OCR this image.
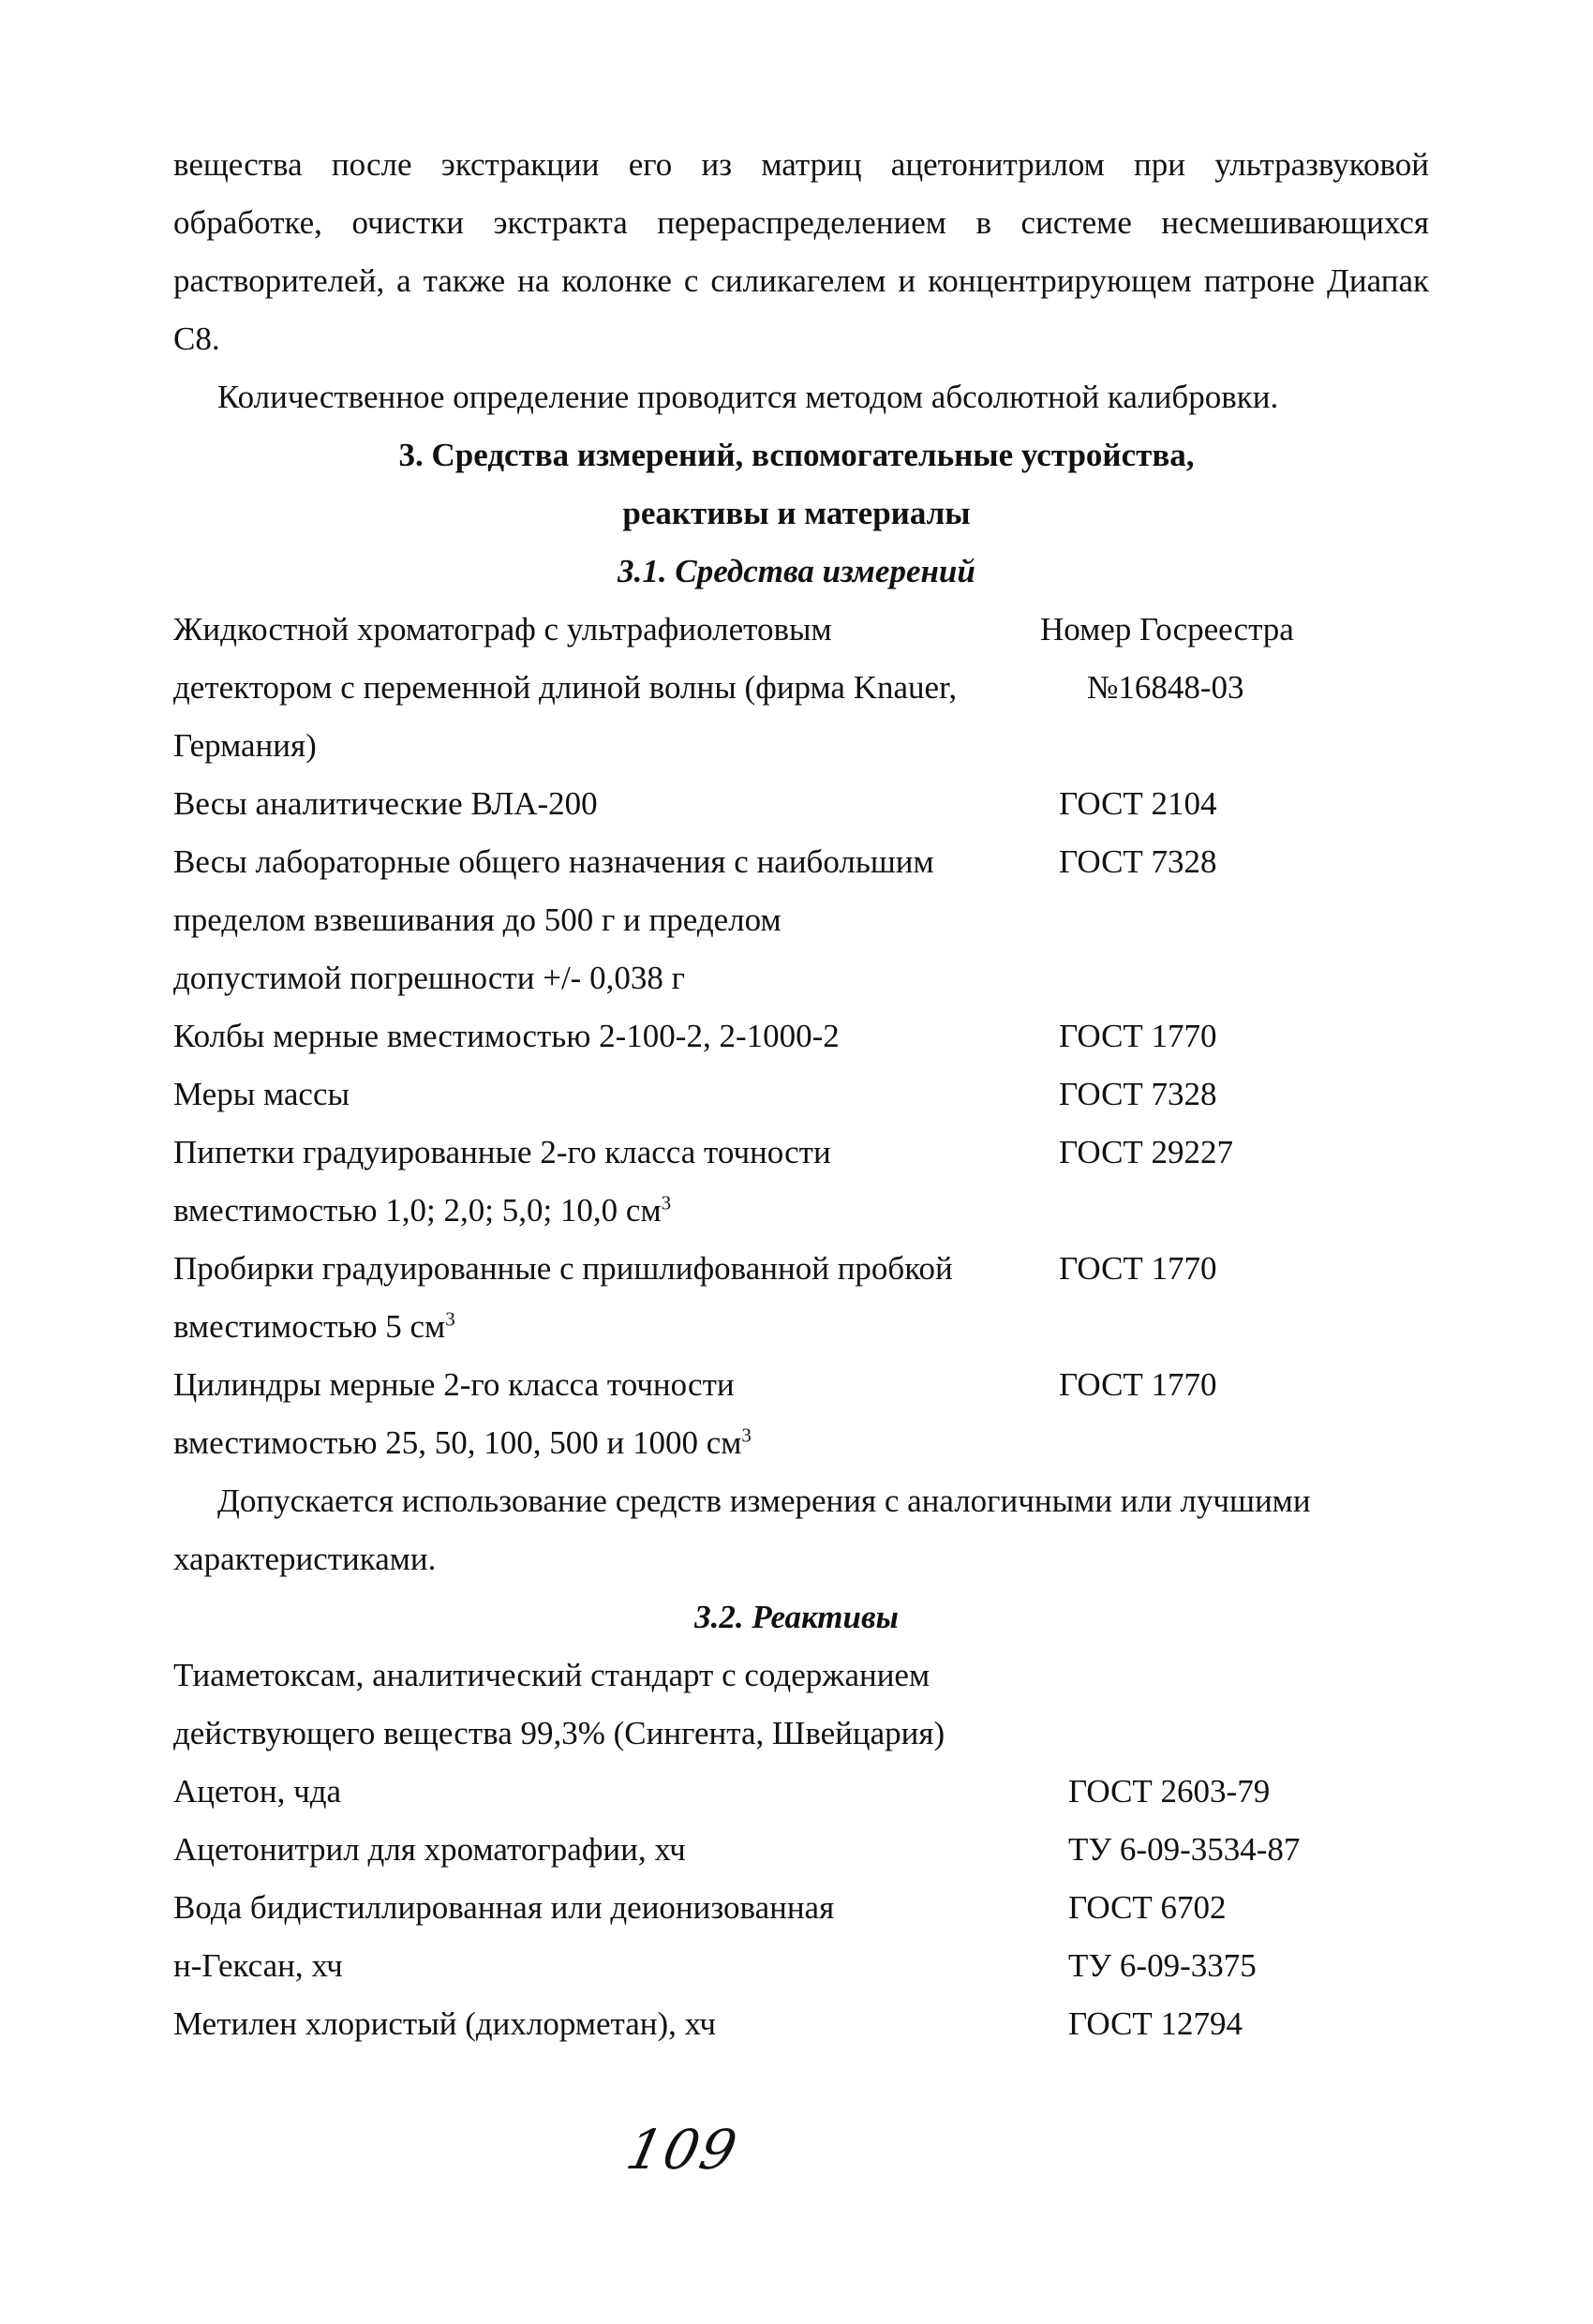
вещества после экстракции его из матриц ацетонитрилом при ультразвуковой
обработке, очистки экстракта перераспределением в системе несмешивающихся
растворителей, а также на колонке с силикагелем и концентрирующем патроне Диапак
С8.
Количественное определение проводится методом абсолютной калибровки.
3. Средства измерений, вспомогательные устройства,
реактивы и материалы
3.1. Средства измерений
Жидкостной хроматограф с ультрафиолетовым	Номер Госреестра
детектором с переменной длиной волны (фирма Knauer,	№16848-03
Германия)
Весы аналитические ВЛА-200	ГОСТ 2104
Весы лабораторные общего назначения с наибольшим	ГОСТ 7328
пределом взвешивания до 500 г и пределом
допустимой погрешности +/- 0,038 г
Колбы мерные вместимостью 2-100-2, 2-1000-2	ГОСТ 1770
Меры массы	ГОСТ 7328
Пипетки градуированные 2-го класса точности	ГОСТ 29227
вместимостью 1,0; 2,0; 5,0; 10,0 $см^3$
Пробирки градуированные с пришлифованной пробкой	ГОСТ 1770
вместимостью 5 $см^3$
Цилиндры мерные 2-го класса точности	ГОСТ 1770
вместимостью 25, 50, 100, 500 и 1000 $см^3$
Допускается использование средств измерения с аналогичными или лучшими
характеристиками.
3.2. Реактивы
Тиаметоксам, аналитический стандарт с содержанием
действующего вещества 99,3% (Сингента, Швейцария)
Ацетон, чда	ГОСТ 2603-79
Ацетонитрил для хроматографии, хч	ТУ 6-09-3534-87
Вода бидистиллированная или деионизованная	ГОСТ 6702
н-Гексан, хч	ТУ 6-09-3375
Метилен хлористый (дихлорметан), хч	ГОСТ 12794
109
